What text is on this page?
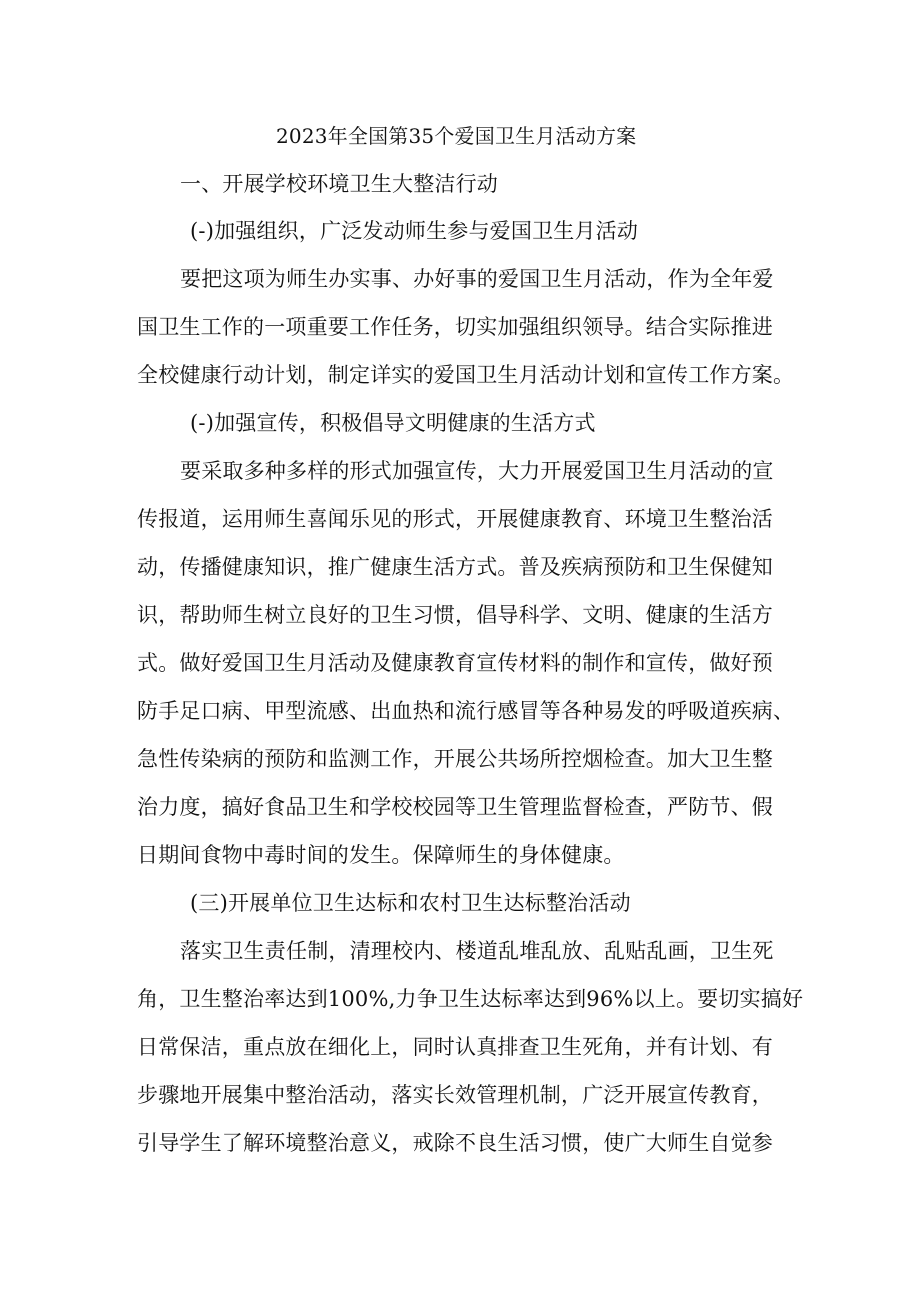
2023年全国第35个爱国卫生月活动方案
一、开展学校环境卫生大整洁行动
(-)加强组织，广泛发动师生参与爱国卫生月活动
要把这项为师生办实事、办好事的爱国卫生月活动，作为全年爱
国卫生工作的一项重要工作任务，切实加强组织领导。结合实际推进
全校健康行动计划，制定详实的爱国卫生月活动计划和宣传工作方案。
(-)加强宣传，积极倡导文明健康的生活方式
要采取多种多样的形式加强宣传，大力开展爱国卫生月活动的宣
传报道，运用师生喜闻乐见的形式，开展健康教育、环境卫生整治活
动，传播健康知识，推广健康生活方式。普及疾病预防和卫生保健知
识，帮助师生树立良好的卫生习惯，倡导科学、文明、健康的生活方
式。做好爱国卫生月活动及健康教育宣传材料的制作和宣传，做好预
防手足口病、甲型流感、出血热和流行感冒等各种易发的呼吸道疾病、
急性传染病的预防和监测工作，开展公共场所控烟检查。加大卫生整
治力度，搞好食品卫生和学校校园等卫生管理监督检查，严防节、假
日期间食物中毒时间的发生。保障师生的身体健康。
(三)开展单位卫生达标和农村卫生达标整治活动
落实卫生责任制，清理校内、楼道乱堆乱放、乱贴乱画，卫生死
角，卫生整治率达到100%,力争卫生达标率达到96%以上。要切实搞好
日常保洁，重点放在细化上，同时认真排查卫生死角，并有计划、有
步骤地开展集中整治活动，落实长效管理机制，广泛开展宣传教育，
引导学生了解环境整治意义，戒除不良生活习惯，使广大师生自觉参
